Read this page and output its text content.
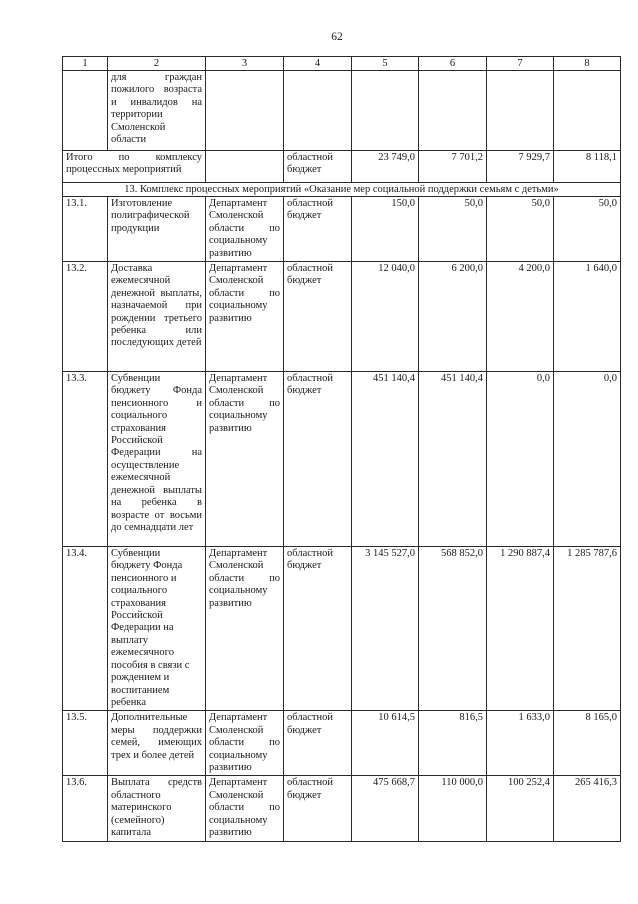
62
1	2	3	4	5	6	7	8
	для граждан пожилого возраста и инвалидов на территории Смоленской области						
Итого по комплексу процессных мероприятий			областной бюджет	23 749,0	7 701,2	7 929,7	8 118,1
13. Комплекс процессных мероприятий «Оказание мер социальной поддержки семьям с детьми»							
13.1.	Изготовление полиграфической продукции	Департамент Смоленской области по социальному развитию	областной бюджет	150,0	50,0	50,0	50,0
13.2.	Доставка ежемесячной денежной выплаты, назначаемой при рождении третьего ребенка или последующих детей	Департамент Смоленской области по социальному развитию	областной бюджет	12 040,0	6 200,0	4 200,0	1 640,0
13.3.	Субвенции бюджету Фонда пенсионного и социального страхования Российской Федерации на осуществление ежемесячной денежной выплаты на ребенка в возрасте от восьми до семнадцати лет	Департамент Смоленской области по социальному развитию	областной бюджет	451 140,4	451 140,4	0,0	0,0
13.4.	Субвенции бюджету Фонда пенсионного и социального страхования Российской Федерации на выплату ежемесячного пособия в связи с рождением и воспитанием ребенка	Департамент Смоленской области по социальному развитию	областной бюджет	3 145 527,0	568 852,0	1 290 887,4	1 285 787,6
13.5.	Дополнительные меры поддержки семей, имеющих трех и более детей	Департамент Смоленской области по социальному развитию	областной бюджет	10 614,5	816,5	1 633,0	8 165,0
13.6.	Выплата средств областного материнского (семейного) капитала	Департамент Смоленской области по социальному развитию	областной бюджет	475 668,7	110 000,0	100 252,4	265 416,3
